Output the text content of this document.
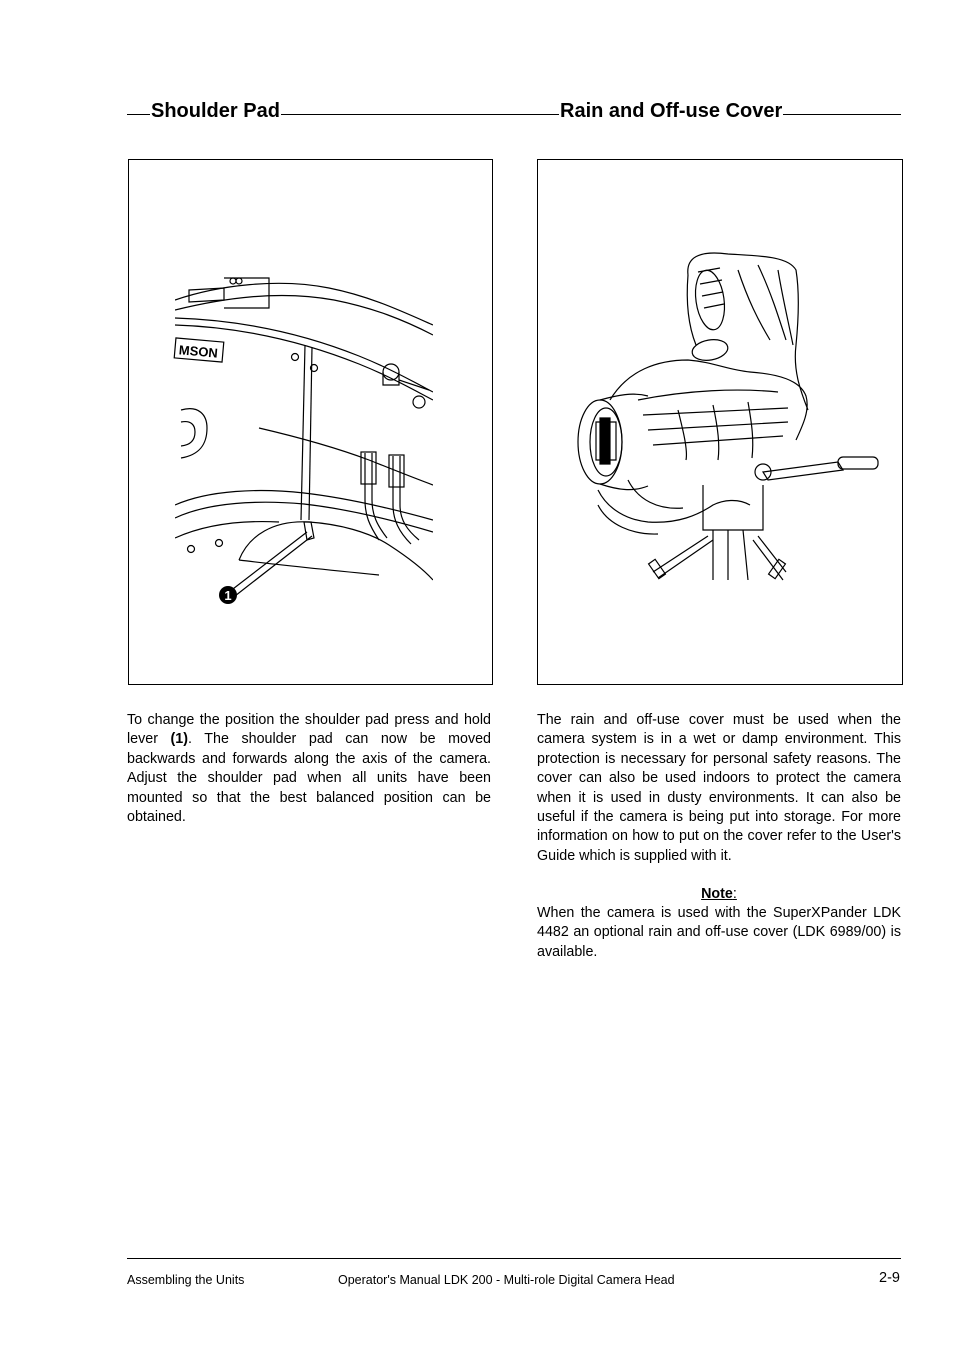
Shoulder Pad	Rain and Off-use Cover
MSON
1
To change the position the shoulder pad press and hold lever (1). The shoulder pad can now be moved backwards and forwards along the axis of the camera. Adjust the shoulder pad when all units have been mounted so that the best balanced position can be obtained.
The rain and off-use cover must be used when the camera system is in a wet or damp environment. This protection is necessary for personal safety reasons. The cover can also be used indoors to protect the camera when it is used in dusty environments. It can also be useful if the camera is being put into storage. For more information on how to put on the cover refer to the User's Guide which is supplied with it.
Note:
When the camera is used with the SuperXPander LDK 4482 an optional rain and off-use cover (LDK 6989/00) is available.
Assembling the Units	Operator's Manual LDK 200 - Multi-role Digital Camera Head	2-9
